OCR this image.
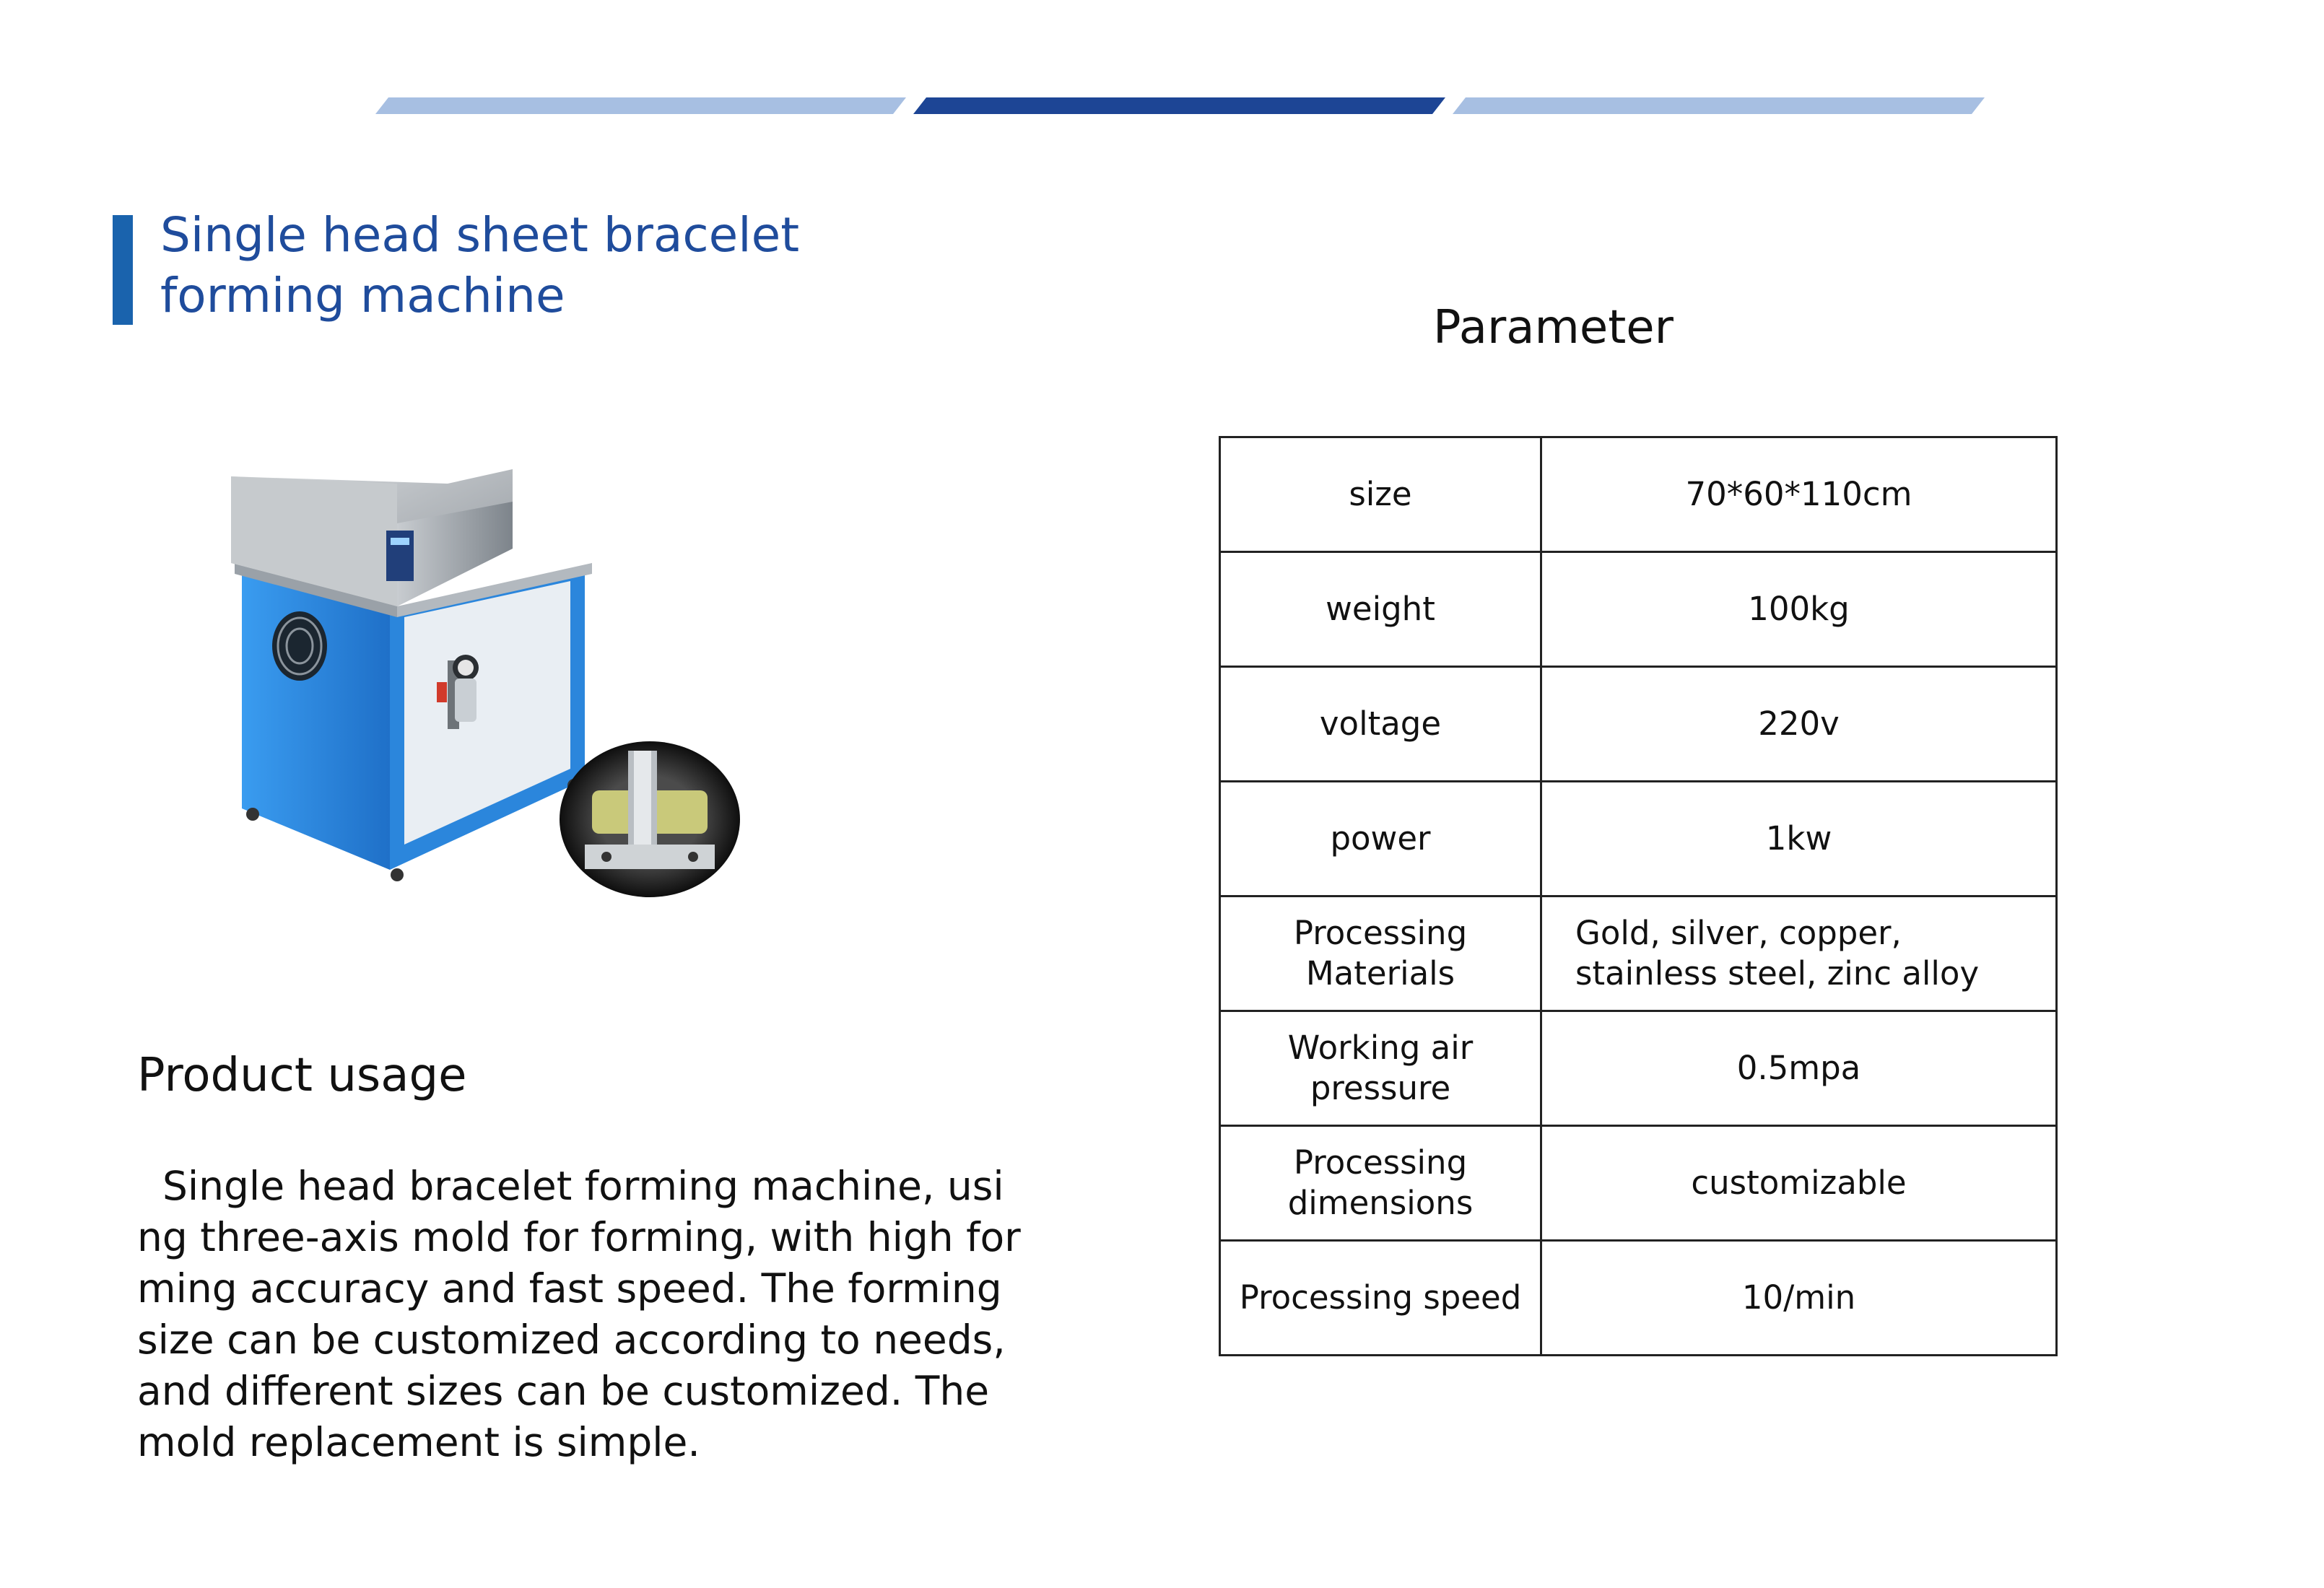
Single head sheet bracelet forming machine
Product usage
Single head bracelet forming machine, using three-axis mold for forming, with high forming accuracy and fast speed. The forming size can be customized according to needs, and different sizes can be customized. The mold replacement is simple.
Parameter
size	70*60*110cm
weight	100kg
voltage	220v
power	1kw
Processing Materials	Gold, silver, copper, stainless steel, zinc alloy
Working air pressure	0.5mpa
Processing dimensions	customizable
Processing speed	10/min
